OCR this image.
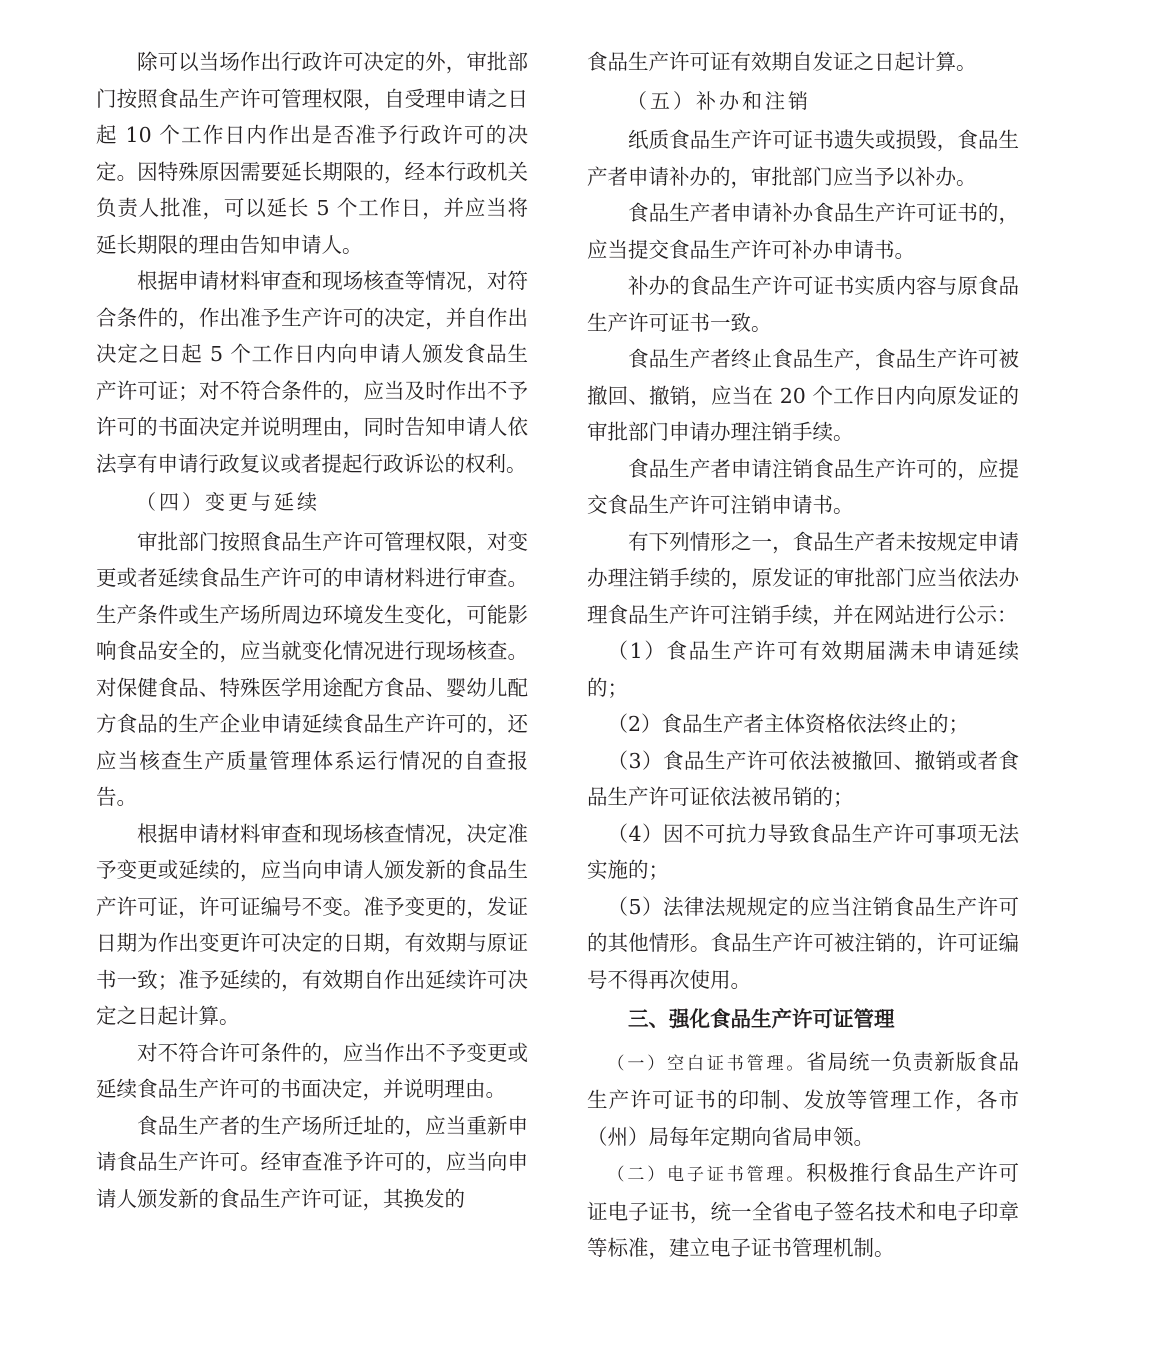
除可以当场作出行政许可决定的外，审批部门按照食品生产许可管理权限，自受理申请之日起 10 个工作日内作出是否准予行政许可的决定。因特殊原因需要延长期限的，经本行政机关负责人批准，可以延长 5 个工作日，并应当将延长期限的理由告知申请人。

根据申请材料审查和现场核查等情况，对符合条件的，作出准予生产许可的决定，并自作出决定之日起 5 个工作日内向申请人颁发食品生产许可证；对不符合条件的，应当及时作出不予许可的书面决定并说明理由，同时告知申请人依法享有申请行政复议或者提起行政诉讼的权利。

（四）变更与延续

审批部门按照食品生产许可管理权限，对变更或者延续食品生产许可的申请材料进行审查。生产条件或生产场所周边环境发生变化，可能影响食品安全的，应当就变化情况进行现场核查。对保健食品、特殊医学用途配方食品、婴幼儿配方食品的生产企业申请延续食品生产许可的，还应当核查生产质量管理体系运行情况的自查报告。

根据申请材料审查和现场核查情况，决定准予变更或延续的，应当向申请人颁发新的食品生产许可证，许可证编号不变。准予变更的，发证日期为作出变更许可决定的日期，有效期与原证书一致；准予延续的，有效期自作出延续许可决定之日起计算。

对不符合许可条件的，应当作出不予变更或延续食品生产许可的书面决定，并说明理由。

食品生产者的生产场所迁址的，应当重新申请食品生产许可。经审查准予许可的，应当向申请人颁发新的食品生产许可证，其换发的

食品生产许可证有效期自发证之日起计算。

（五）补办和注销

纸质食品生产许可证书遗失或损毁，食品生产者申请补办的，审批部门应当予以补办。

食品生产者申请补办食品生产许可证书的，应当提交食品生产许可补办申请书。

补办的食品生产许可证书实质内容与原食品生产许可证书一致。

食品生产者终止食品生产，食品生产许可被撤回、撤销，应当在 20 个工作日内向原发证的审批部门申请办理注销手续。

食品生产者申请注销食品生产许可的，应提交食品生产许可注销申请书。

有下列情形之一，食品生产者未按规定申请办理注销手续的，原发证的审批部门应当依法办理食品生产许可注销手续，并在网站进行公示：

（1）食品生产许可有效期届满未申请延续的；

（2）食品生产者主体资格依法终止的；

（3）食品生产许可依法被撤回、撤销或者食品生产许可证依法被吊销的；

（4）因不可抗力导致食品生产许可事项无法实施的；

（5）法律法规规定的应当注销食品生产许可的其他情形。食品生产许可被注销的，许可证编号不得再次使用。

三、强化食品生产许可证管理

（一）空白证书管理。省局统一负责新版食品生产许可证书的印制、发放等管理工作，各市（州）局每年定期向省局申领。

（二）电子证书管理。积极推行食品生产许可证电子证书，统一全省电子签名技术和电子印章等标准，建立电子证书管理机制。
